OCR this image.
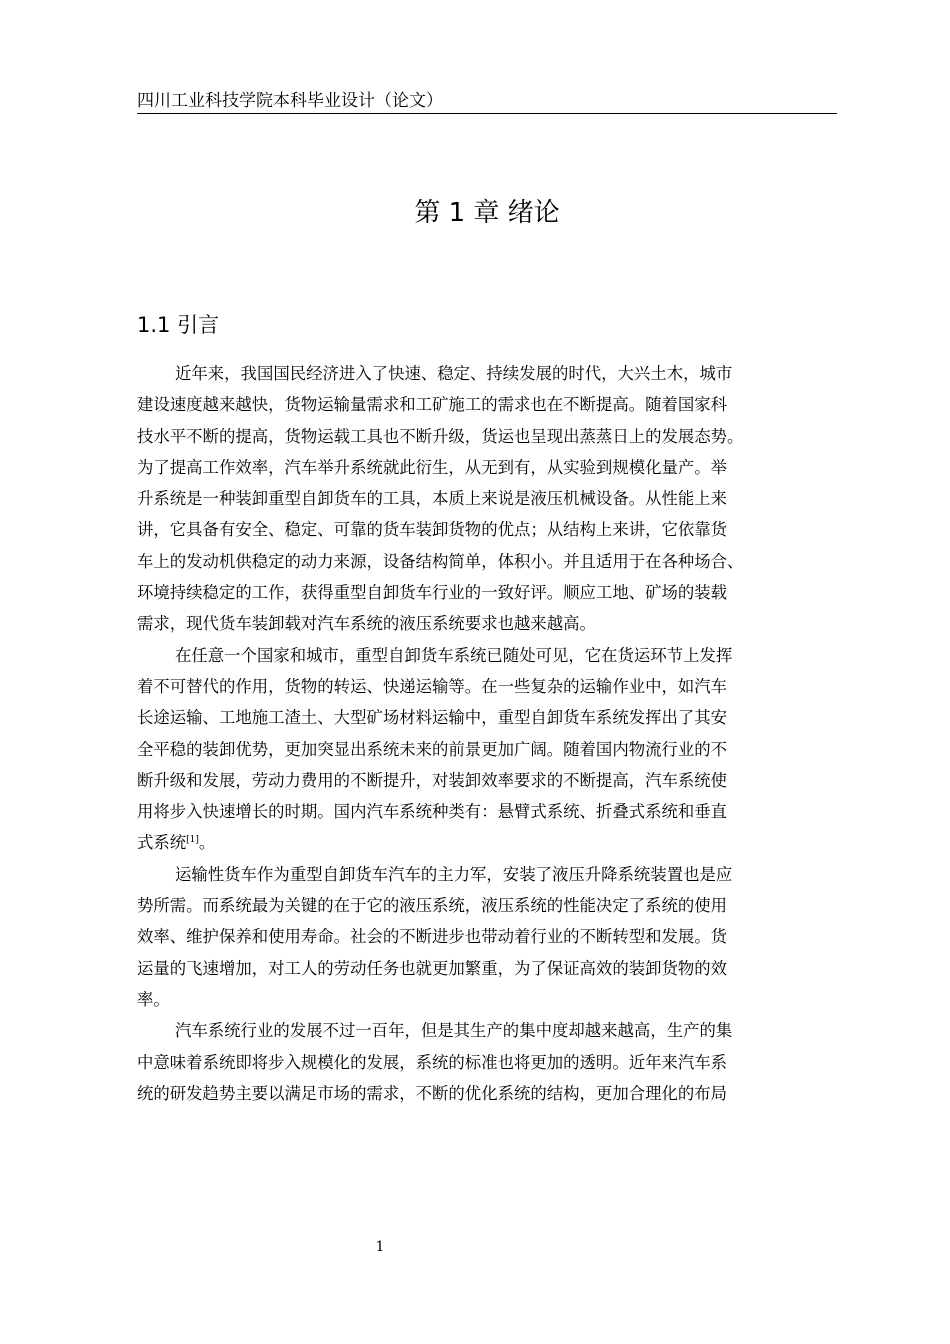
四川工业科技学院本科毕业设计（论文）
第 1 章 绪论
1.1 引言
近年来，我国国民经济进入了快速、稳定、持续发展的时代，大兴土木，城市
建设速度越来越快，货物运输量需求和工矿施工的需求也在不断提高。随着国家科
技水平不断的提高，货物运载工具也不断升级，货运也呈现出蒸蒸日上的发展态势。
为了提高工作效率，汽车举升系统就此衍生，从无到有，从实验到规模化量产。举
升系统是一种装卸重型自卸货车的工具，本质上来说是液压机械设备。从性能上来
讲，它具备有安全、稳定、可靠的货车装卸货物的优点；从结构上来讲，它依靠货
车上的发动机供稳定的动力来源，设备结构简单，体积小。并且适用于在各种场合、
环境持续稳定的工作，获得重型自卸货车行业的一致好评。顺应工地、矿场的装载
需求，现代货车装卸载对汽车系统的液压系统要求也越来越高。
在任意一个国家和城市，重型自卸货车系统已随处可见，它在货运环节上发挥
着不可替代的作用，货物的转运、快递运输等。在一些复杂的运输作业中，如汽车
长途运输、工地施工渣土、大型矿场材料运输中，重型自卸货车系统发挥出了其安
全平稳的装卸优势，更加突显出系统未来的前景更加广阔。随着国内物流行业的不
断升级和发展，劳动力费用的不断提升，对装卸效率要求的不断提高，汽车系统使
用将步入快速增长的时期。国内汽车系统种类有：悬臂式系统、折叠式系统和垂直
式系统[1]。
运输性货车作为重型自卸货车汽车的主力军，安装了液压升降系统装置也是应
势所需。而系统最为关键的在于它的液压系统，液压系统的性能决定了系统的使用
效率、维护保养和使用寿命。社会的不断进步也带动着行业的不断转型和发展。货
运量的飞速增加，对工人的劳动任务也就更加繁重，为了保证高效的装卸货物的效
率。
汽车系统行业的发展不过一百年，但是其生产的集中度却越来越高，生产的集
中意味着系统即将步入规模化的发展，系统的标准也将更加的透明。近年来汽车系
统的研发趋势主要以满足市场的需求，不断的优化系统的结构，更加合理化的布局
1
